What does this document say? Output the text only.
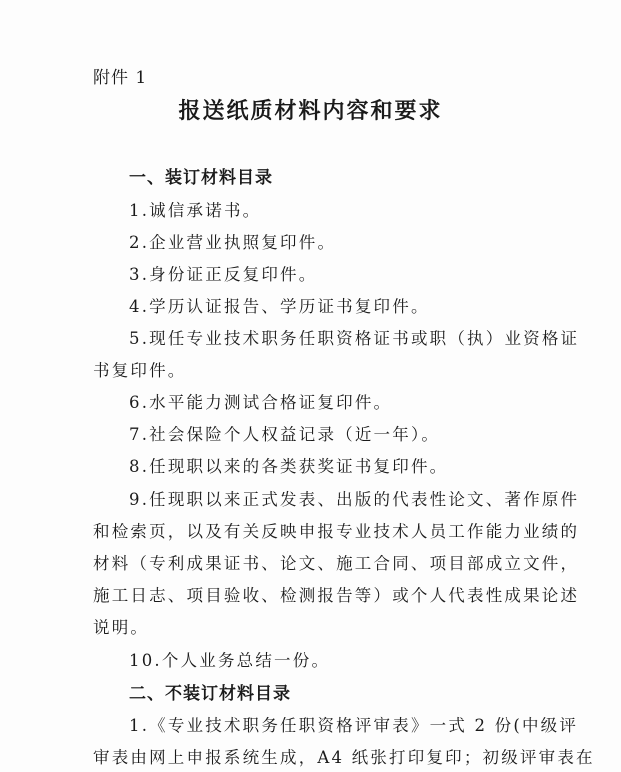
附件 1
报送纸质材料内容和要求
一、装订材料目录
1.诚信承诺书。
2.企业营业执照复印件。
3.身份证正反复印件。
4.学历认证报告、学历证书复印件。
5.现任专业技术职务任职资格证书或职（执）业资格证
书复印件。
6.水平能力测试合格证复印件。
7.社会保险个人权益记录（近一年）。
8.任现职以来的各类获奖证书复印件。
9.任现职以来正式发表、出版的代表性论文、著作原件
和检索页，以及有关反映申报专业技术人员工作能力业绩的
材料（专利成果证书、论文、施工合同、项目部成立文件，
施工日志、项目验收、检测报告等）或个人代表性成果论述
说明。
10.个人业务总结一份。
二、不装订材料目录
1.《专业技术职务任职资格评审表》一式 2 份(中级评
审表由网上申报系统生成，A4 纸张打印复印；初级评审表在
